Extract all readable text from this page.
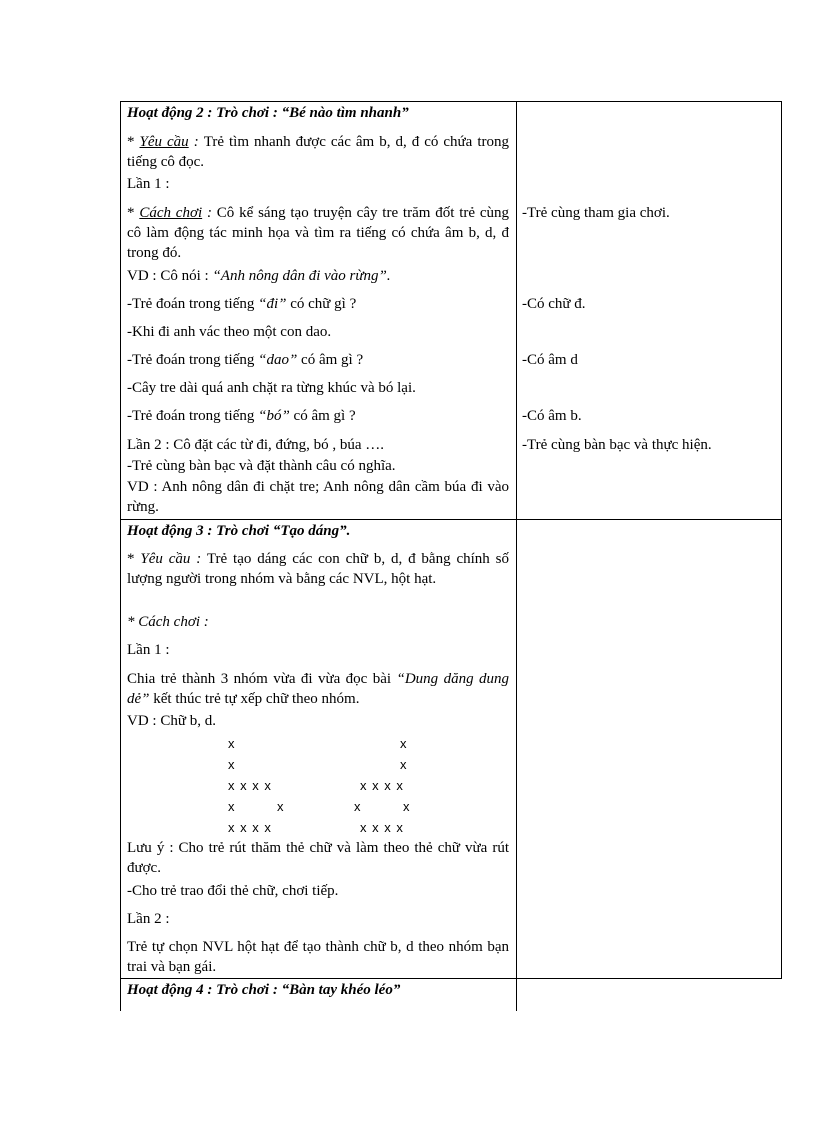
Hoạt động 2 : Trò chơi : “Bé nào tìm nhanh”
* Yêu cầu : Trẻ tìm nhanh được các âm b, d, đ có chứa trong tiếng cô đọc.
Lần 1 :
* Cách chơi : Cô kể sáng tạo truyện cây tre trăm đốt trẻ cùng cô làm động tác minh họa và tìm ra tiếng có chứa âm b, d, đ trong đó.
VD : Cô nói : “Anh nông dân đi vào rừng”.
-Trẻ đoán trong tiếng “đi” có chữ gì ?
-Khi đi anh vác theo một con dao.
-Trẻ đoán trong tiếng “dao” có âm gì ?
-Cây tre dài quá anh chặt ra từng khúc và bó lại.
-Trẻ đoán trong tiếng “bó” có âm gì ?
Lần 2 : Cô đặt các từ đi, đứng, bó , búa ….
-Trẻ cùng bàn bạc và đặt thành câu có nghĩa.
VD : Anh nông dân đi chặt tre; Anh nông dân cầm búa đi vào rừng.
-Trẻ cùng tham gia chơi.
-Có chữ đ.
-Có âm d
-Có âm b.
-Trẻ cùng bàn bạc và thực hiện.
Hoạt động 3 : Trò chơi “Tạo dáng”.
* Yêu cầu : Trẻ tạo dáng các con chữ b, d, đ bằng chính số lượng người trong nhóm và bằng các NVL, hột hạt.
* Cách chơi :
Lần 1 :
Chia trẻ thành 3 nhóm vừa đi vừa đọc bài “Dung dăng dung dẻ” kết thúc trẻ tự xếp chữ theo nhóm.
VD : Chữ b, d.
x
x
x x x x
x         x
x x x x
x
x
x x x x
x         x
x x x x
Lưu ý : Cho trẻ rút thăm thẻ chữ và làm theo thẻ chữ vừa rút được.
-Cho trẻ trao đổi thẻ chữ, chơi tiếp.
Lần 2 :
Trẻ tự chọn NVL hột hạt để tạo thành chữ b, d theo nhóm bạn trai và bạn gái.
Hoạt động 4 : Trò chơi : “Bàn tay khéo léo”
